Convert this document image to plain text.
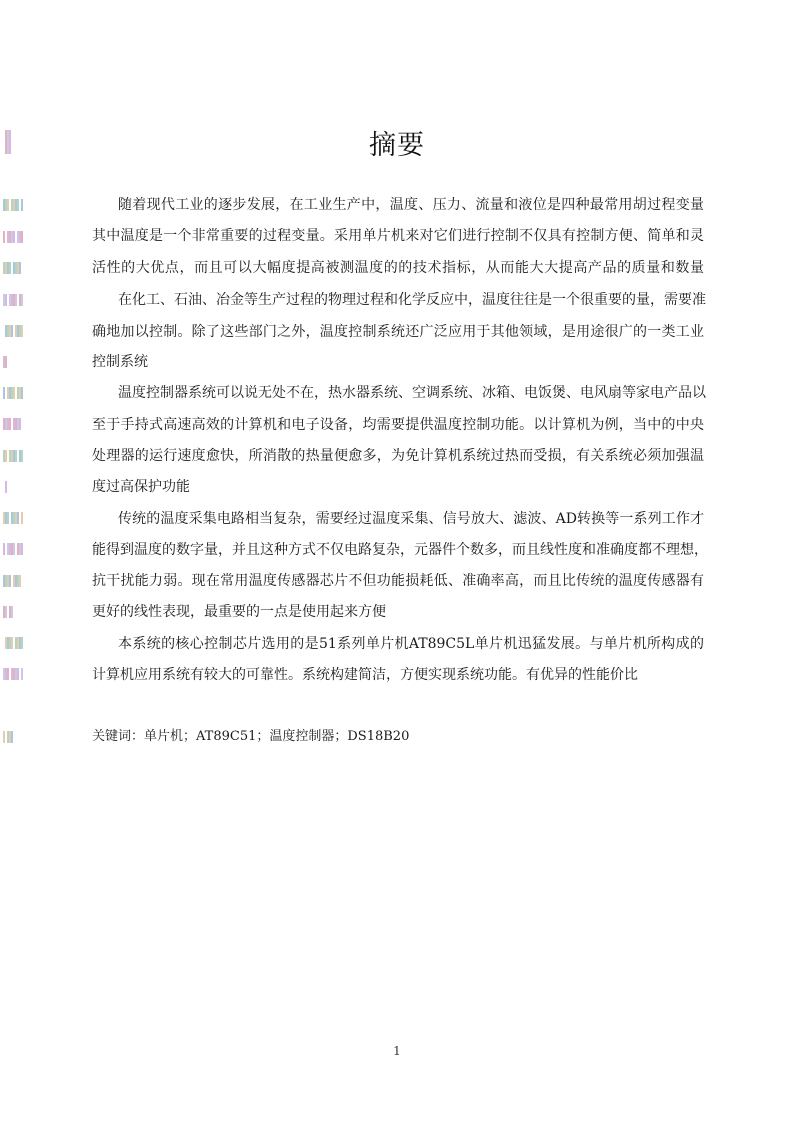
摘要
随着现代工业的逐步发展，在工业生产中，温度、压力、流量和液位是四种最常用胡过程变量
其中温度是一个非常重要的过程变量。采用单片机来对它们进行控制不仅具有控制方便、简单和灵
活性的大优点，而且可以大幅度提高被测温度的的技术指标，从而能大大提高产品的质量和数量
在化工、石油、冶金等生产过程的物理过程和化学反应中，温度往往是一个很重要的量，需要准
确地加以控制。除了这些部门之外，温度控制系统还广泛应用于其他领域，是用途很广的一类工业
控制系统
温度控制器系统可以说无处不在，热水器系统、空调系统、冰箱、电饭煲、电风扇等家电产品以
至于手持式高速高效的计算机和电子设备，均需要提供温度控制功能。以计算机为例，当中的中央
处理器的运行速度愈快，所消散的热量便愈多，为免计算机系统过热而受损，有关系统必须加强温
度过高保护功能
传统的温度采集电路相当复杂，需要经过温度采集、信号放大、滤波、AD转换等一系列工作才
能得到温度的数字量，并且这种方式不仅电路复杂，元器件个数多，而且线性度和准确度都不理想，
抗干扰能力弱。现在常用温度传感器芯片不但功能损耗低、准确率高，而且比传统的温度传感器有
更好的线性表现，最重要的一点是使用起来方便
本系统的核心控制芯片选用的是51系列单片机AT89C5L单片机迅猛发展。与单片机所构成的
计算机应用系统有较大的可靠性。系统构建简洁，方便实现系统功能。有优异的性能价比
关键词：单片机；AT89C51；温度控制器；DS18B20
1
